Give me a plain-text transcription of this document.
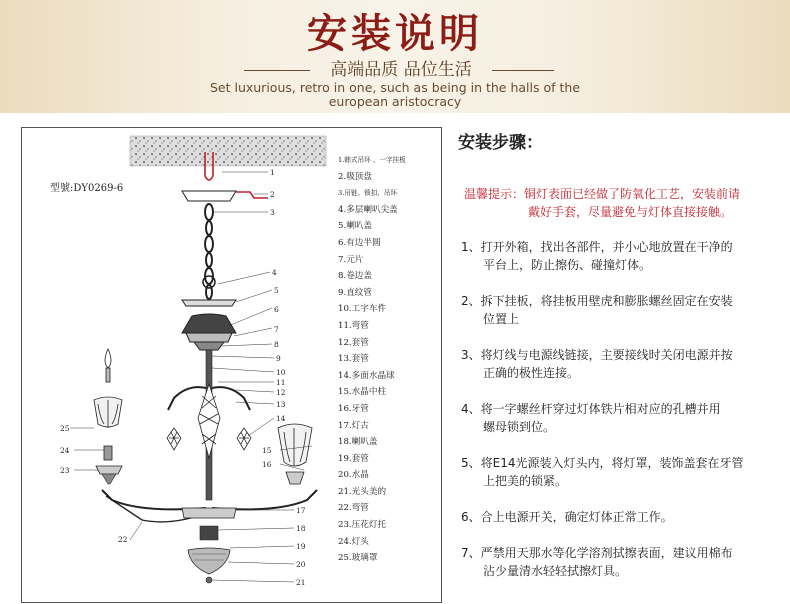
安装说明
高端品质 品位生活
Set luxurious, retro in one, such as being in the halls of the
european aristocracy
型號:DY0269-6
1
2
3
4
5
6
7
8
9
10
11
12
13
14
15
16
17
18
19
20
21
22
23
24
25
1.韩式吊环 、一字挂板
2.吸顶盘
3.吊链、锁扣、吊环
4.多层喇叭尖盖
5.喇叭盖
6.有边半圆
7.元片
8.卷边盖
9.直纹管
10.工字车件
11.弯管
12.套管
13.套管
14.多面水晶球
15.水晶中柱
16.牙管
17.灯古
18.喇叭盖
19.套管
20.水晶
21.光头美的
22.弯管
23.压花灯托
24.灯头
25.玻璃罩
安装步骤：
温馨提示：铜灯表面已经做了防氧化工艺，安装前请
戴好手套，尽量避免与灯体直接接触。
1、打开外箱，找出各部件，并小心地放置在干净的
平台上，防止擦伤、碰撞灯体。
2、拆下挂板，将挂板用壁虎和膨胀螺丝固定在安装
位置上
3、将灯线与电源线链接，主要接线时关闭电源并按
正确的极性连接。
4、将一字螺丝杆穿过灯体铁片相对应的孔槽并用
螺母锁到位。
5、将E14光源装入灯头内，将灯罩，装饰盖套在牙管
上把美的锁紧。
6、合上电源开关，确定灯体正常工作。
7、严禁用天那水等化学溶剂拭擦表面，建议用棉布
沾少量清水轻轻拭擦灯具。
